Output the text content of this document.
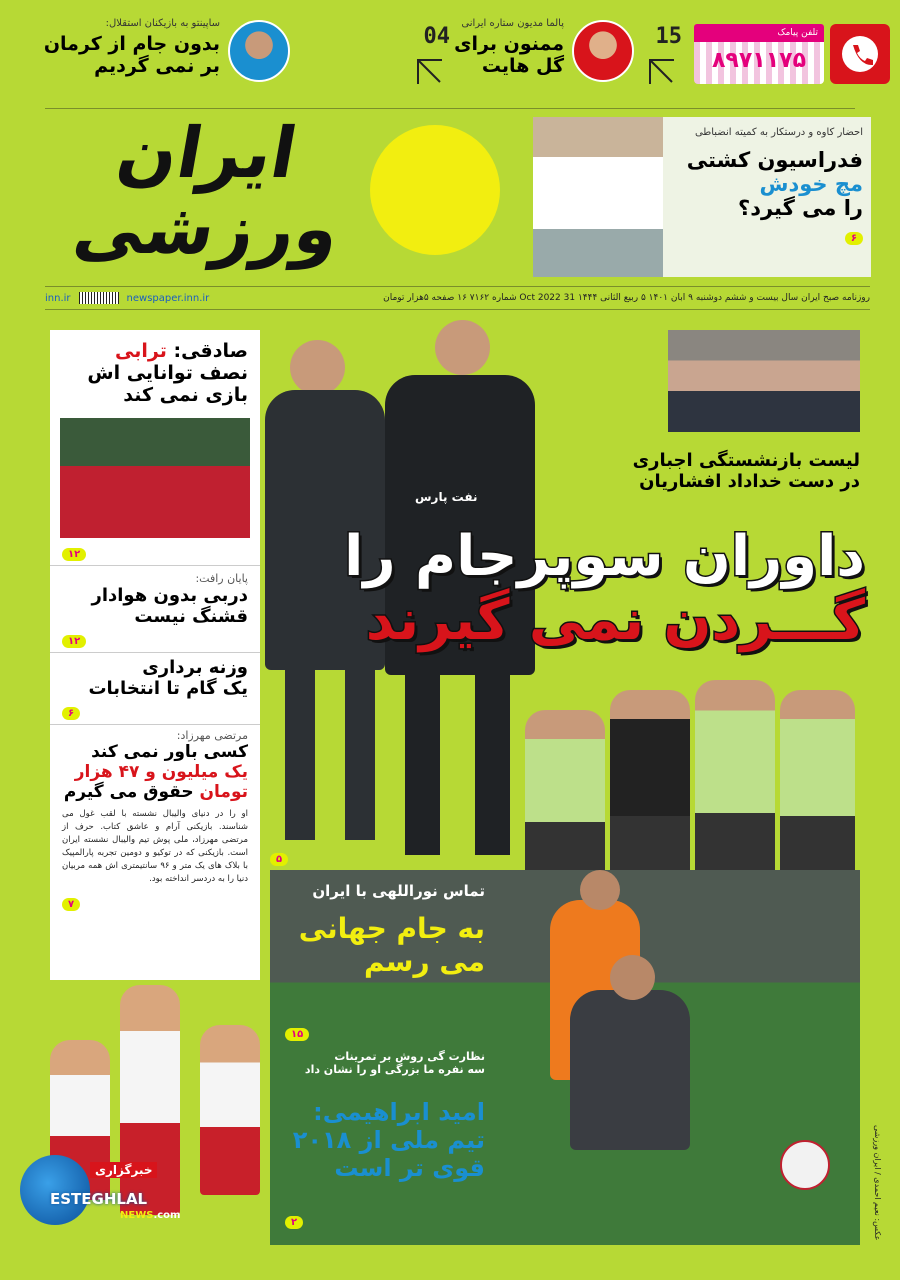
تلفن پیامک
۸۹۷۱۱۷۵
15
پالما مدیون ستاره ایرانی
ممنون برای
گل هایت
04
ساپینتو به بازیکنان استقلال:
بدون جام از کرمان
بر نمی گردیم
ایران
ورزشی
احضار کاوه و درستکار به کمیته انضباطی
فدراسیون کشتی
مچ خودش
را می گیرد؟
۶
روزنامه صبح ایران سال بیست و ششم دوشنبه ۹ آبان ۱۴۰۱ ۵ ربیع الثانی ۱۴۴۴ 31 Oct 2022 شماره ۷۱۶۲ ۱۶ صفحه ۵هزار تومان
inn.ir	newspaper.inn.ir
صادقی: ترابی
نصف توانایی اش
بازی نمی کند
۱۲
پایان رافت:
دربی بدون هوادار
قشنگ نیست
۱۲
وزنه برداری
یک گام تا انتخابات
۶
مرتضی مهرزاد:
کسی باور نمی کند
یک میلیون و ۴۷ هزار
تومان حقوق می گیرم
او را در دنیای والیبال نشسته با لقب غول می شناسند. بازیکنی آرام و عاشق کتاب. حرف از مرتضی مهرزاد، ملی پوش تیم والیبال نشسته ایران است. بازیکنی که در توکیو و دومین تجربه پارالمپیک با بلاک های یک متر و ۹۶ سانتیمتری اش همه مربیان دنیا را به دردسر انداخته بود.
۷
خبرگزاری
ESTEGHLAL
NEWS.com
لیست بازنشستگی اجباری
در دست خداداد افشاریان
نفت پارس
داوران سوپرجام را
گـــردن نمی گیرند
۵
تماس نوراللهی با ایران
به جام جهانی
می رسم
۱۵
نظارت گی روش بر تمرینات
سه نفره ما بزرگی او را نشان داد
امید ابراهیمی:
تیم ملی از ۲۰۱۸
قوی تر است
۲	عکس: نعیم احمدی / ایران ورزشی
